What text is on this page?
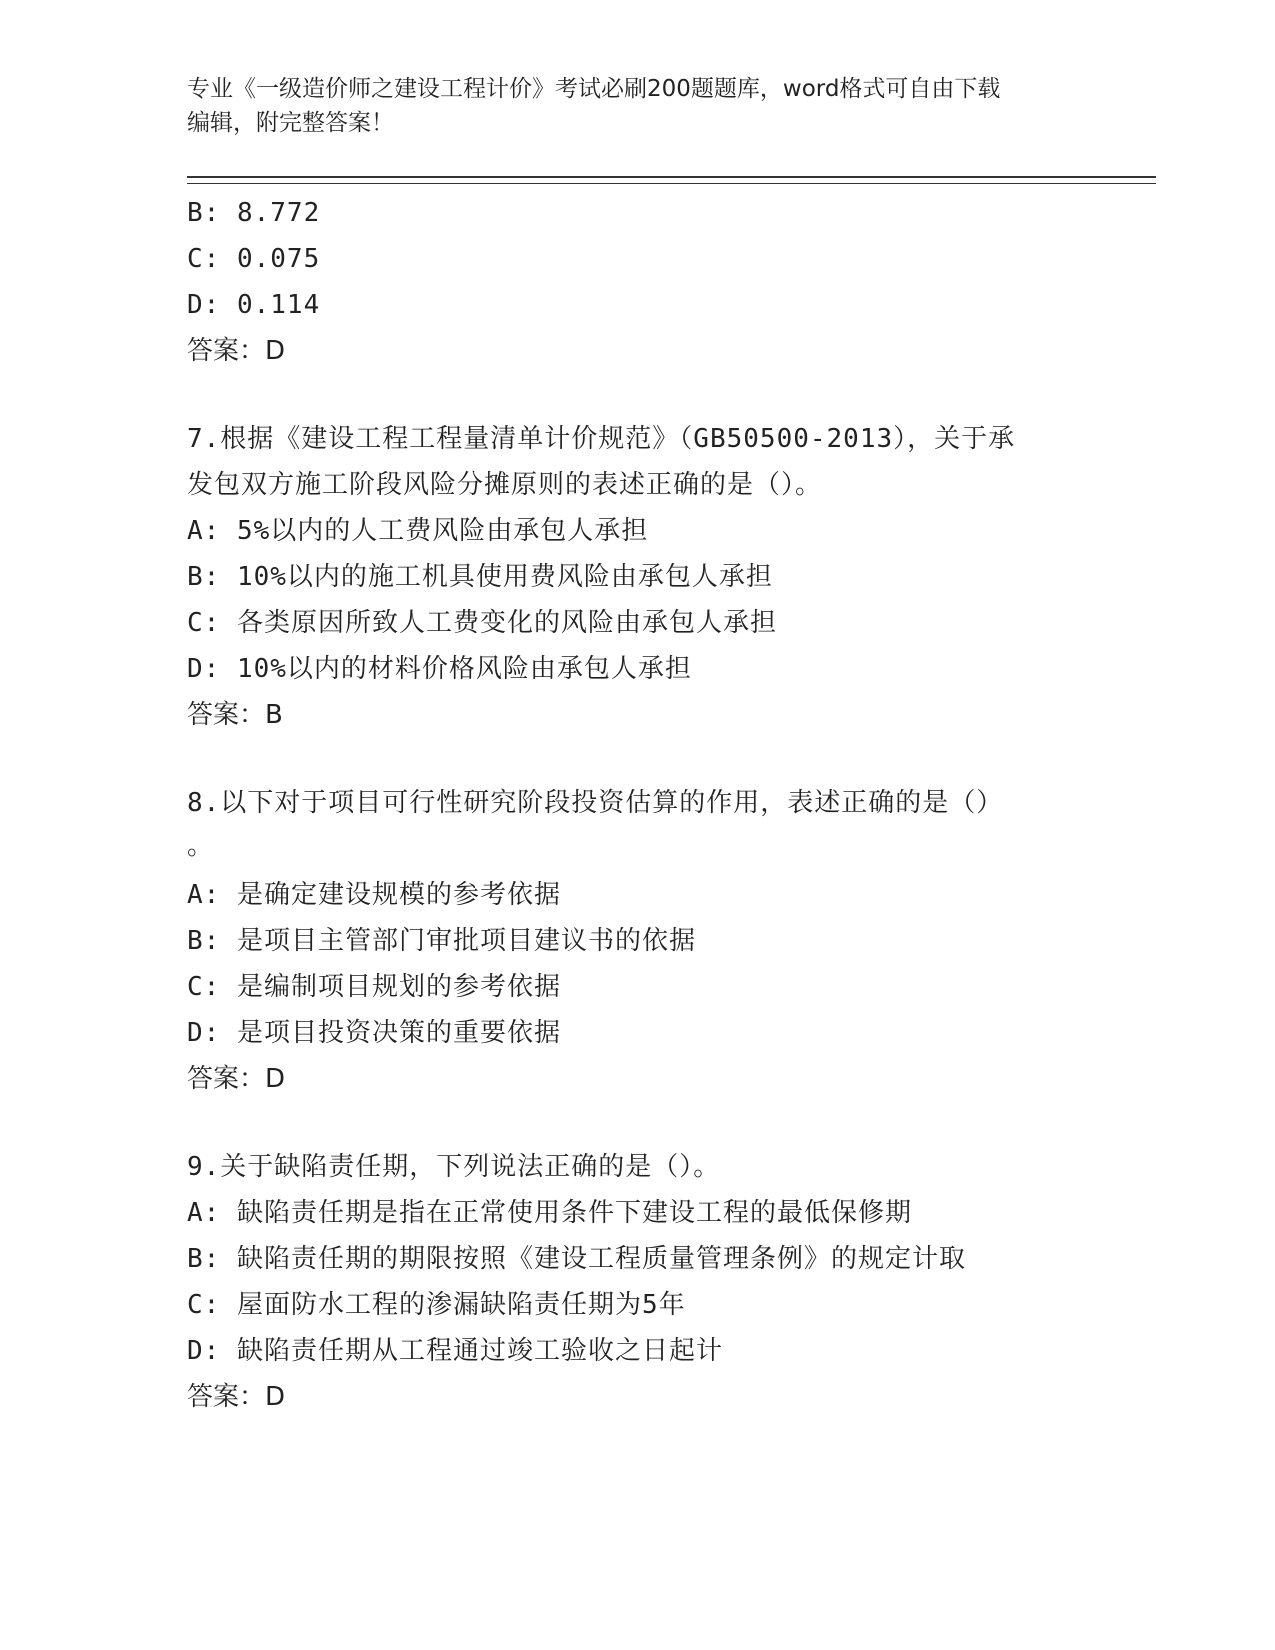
专业《一级造价师之建设工程计价》考试必刷200题题库，word格式可自由下载

编辑，附完整答案！

B: 8.772
C: 0.075
D: 0.114
答案：D
7.根据《建设工程工程量清单计价规范》（GB50500-2013），关于承
发包双方施工阶段风险分摊原则的表述正确的是（）。
A: 5%以内的人工费风险由承包人承担
B: 10%以内的施工机具使用费风险由承包人承担
C: 各类原因所致人工费变化的风险由承包人承担
D: 10%以内的材料价格风险由承包人承担
答案：B
8.以下对于项目可行性研究阶段投资估算的作用，表述正确的是（）
。
A: 是确定建设规模的参考依据
B: 是项目主管部门审批项目建议书的依据
C: 是编制项目规划的参考依据
D: 是项目投资决策的重要依据
答案：D
9.关于缺陷责任期，下列说法正确的是（）。
A: 缺陷责任期是指在正常使用条件下建设工程的最低保修期
B: 缺陷责任期的期限按照《建设工程质量管理条例》的规定计取
C: 屋面防水工程的渗漏缺陷责任期为5年
D: 缺陷责任期从工程通过竣工验收之日起计
答案：D
